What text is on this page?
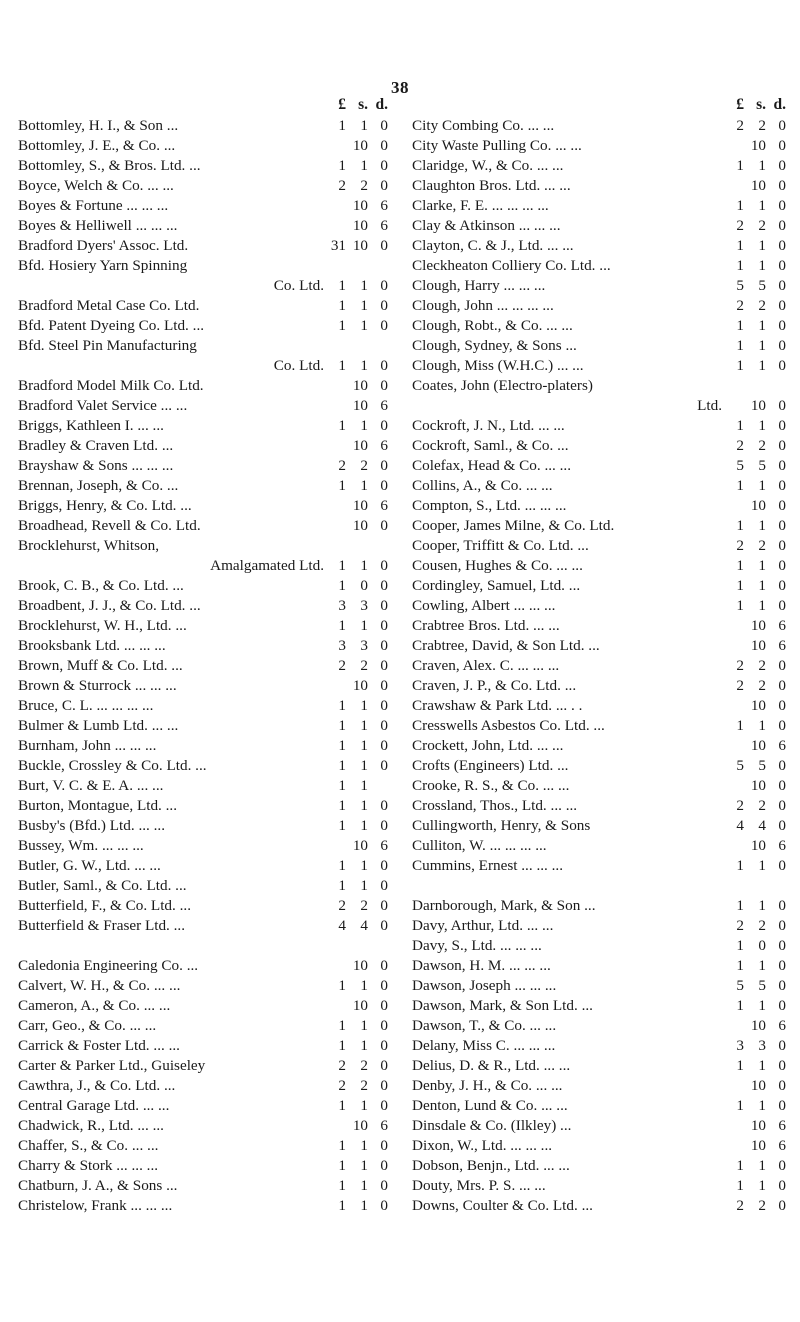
38
£ s. d.
Bottomley, H. I., & Son ...	1 1 0
Bottomley, J. E., & Co. ...	10 0
Bottomley, S., & Bros. Ltd. ...	1 1 0
Boyce, Welch & Co. ... ...	2 2 0
Boyes & Fortune ... ... ...	10 6
Boyes & Helliwell ... ... ...	10 6
Bradford Dyers' Assoc. Ltd.	31 10 0
Bfd. Hosiery Yarn Spinning
Co. Ltd. 1 1 0
Bradford Metal Case Co. Ltd.	1 1 0
Bfd. Patent Dyeing Co. Ltd. ...	1 1 0
Bfd. Steel Pin Manufacturing
Co. Ltd. 1 1 0
Bradford Model Milk Co. Ltd.	10 0
Bradford Valet Service ... ...	10 6
Briggs, Kathleen I. ... ...	1 1 0
Bradley & Craven Ltd. ...	10 6
Brayshaw & Sons ... ... ...	2 2 0
Brennan, Joseph, & Co. ...	1 1 0
Briggs, Henry, & Co. Ltd. ...	10 6
Broadhead, Revell & Co. Ltd.	10 0
Brocklehurst, Whitson,
Amalgamated Ltd. 1 1 0
Brook, C. B., & Co. Ltd. ...	1 0 0
Broadbent, J. J., & Co. Ltd. ...	3 3 0
Brocklehurst, W. H., Ltd. ...	1 1 0
Brooksbank Ltd. ... ... ...	3 3 0
Brown, Muff & Co. Ltd. ...	2 2 0
Brown & Sturrock ... ... ...	10 0
Bruce, C. L. ... ... ... ...	1 1 0
Bulmer & Lumb Ltd. ... ...	1 1 0
Burnham, John ... ... ...	1 1 0
Buckle, Crossley & Co. Ltd. ...	1 1 0
Burt, V. C. & E. A. ... ...	1 1
Burton, Montague, Ltd. ...	1 1 0
Busby's (Bfd.) Ltd. ... ...	1 1 0
Bussey, Wm. ... ... ...	10 6
Butler, G. W., Ltd. ... ...	1 1 0
Butler, Saml., & Co. Ltd. ...	1 1 0
Butterfield, F., & Co. Ltd. ...	2 2 0
Butterfield & Fraser Ltd. ...	4 4 0
Caledonia Engineering Co. ...	10 0
Calvert, W. H., & Co. ... ...	1 1 0
Cameron, A., & Co. ... ...	10 0
Carr, Geo., & Co. ... ...	1 1 0
Carrick & Foster Ltd. ... ...	1 1 0
Carter & Parker Ltd., Guiseley	2 2 0
Cawthra, J., & Co. Ltd. ...	2 2 0
Central Garage Ltd. ... ...	1 1 0
Chadwick, R., Ltd. ... ...	10 6
Chaffer, S., & Co. ... ...	1 1 0
Charry & Stork ... ... ...	1 1 0
Chatburn, J. A., & Sons ...	1 1 0
Christelow, Frank ... ... ...	1 1 0
£ s. d.
City Combing Co. ... ...	2 2 0
City Waste Pulling Co. ... ...	10 0
Claridge, W., & Co. ... ...	1 1 0
Claughton Bros. Ltd. ... ...	10 0
Clarke, F. E. ... ... ... ...	1 1 0
Clay & Atkinson ... ... ...	2 2 0
Clayton, C. & J., Ltd. ... ...	1 1 0
Cleckheaton Colliery Co. Ltd. ...	1 1 0
Clough, Harry ... ... ...	5 5 0
Clough, John ... ... ... ...	2 2 0
Clough, Robt., & Co. ... ...	1 1 0
Clough, Sydney, & Sons ...	1 1 0
Clough, Miss (W.H.C.) ... ...	1 1 0
Coates, John (Electro-platers)
Ltd.	10 0
Cockroft, J. N., Ltd. ... ...	1 1 0
Cockroft, Saml., & Co. ...	2 2 0
Colefax, Head & Co. ... ...	5 5 0
Collins, A., & Co. ... ...	1 1 0
Compton, S., Ltd. ... ... ...	10 0
Cooper, James Milne, & Co. Ltd.	1 1 0
Cooper, Triffitt & Co. Ltd. ...	2 2 0
Cousen, Hughes & Co. ... ...	1 1 0
Cordingley, Samuel, Ltd. ...	1 1 0
Cowling, Albert ... ... ...	1 1 0
Crabtree Bros. Ltd. ... ...	10 6
Crabtree, David, & Son Ltd. ...	10 6
Craven, Alex. C. ... ... ...	2 2 0
Craven, J. P., & Co. Ltd. ...	2 2 0
Crawshaw & Park Ltd. ... . .	10 0
Cresswells Asbestos Co. Ltd. ...	1 1 0
Crockett, John, Ltd. ... ...	10 6
Crofts (Engineers) Ltd. ...	5 5 0
Crooke, R. S., & Co. ... ...	10 0
Crossland, Thos., Ltd. ... ...	2 2 0
Cullingworth, Henry, & Sons	4 4 0
Culliton, W. ... ... ... ...	10 6
Cummins, Ernest ... ... ...	1 1 0
Darnborough, Mark, & Son ...	1 1 0
Davy, Arthur, Ltd. ... ...	2 2 0
Davy, S., Ltd. ... ... ...	1 0 0
Dawson, H. M. ... ... ...	1 1 0
Dawson, Joseph ... ... ...	5 5 0
Dawson, Mark, & Son Ltd. ...	1 1 0
Dawson, T., & Co. ... ...	10 6
Delany, Miss C. ... ... ...	3 3 0
Delius, D. & R., Ltd. ... ...	1 1 0
Denby, J. H., & Co. ... ...	10 0
Denton, Lund & Co. ... ...	1 1 0
Dinsdale & Co. (Ilkley) ...	10 6
Dixon, W., Ltd. ... ... ...	10 6
Dobson, Benjn., Ltd. ... ...	1 1 0
Douty, Mrs. P. S. ... ...	1 1 0
Downs, Coulter & Co. Ltd. ...	2 2 0
